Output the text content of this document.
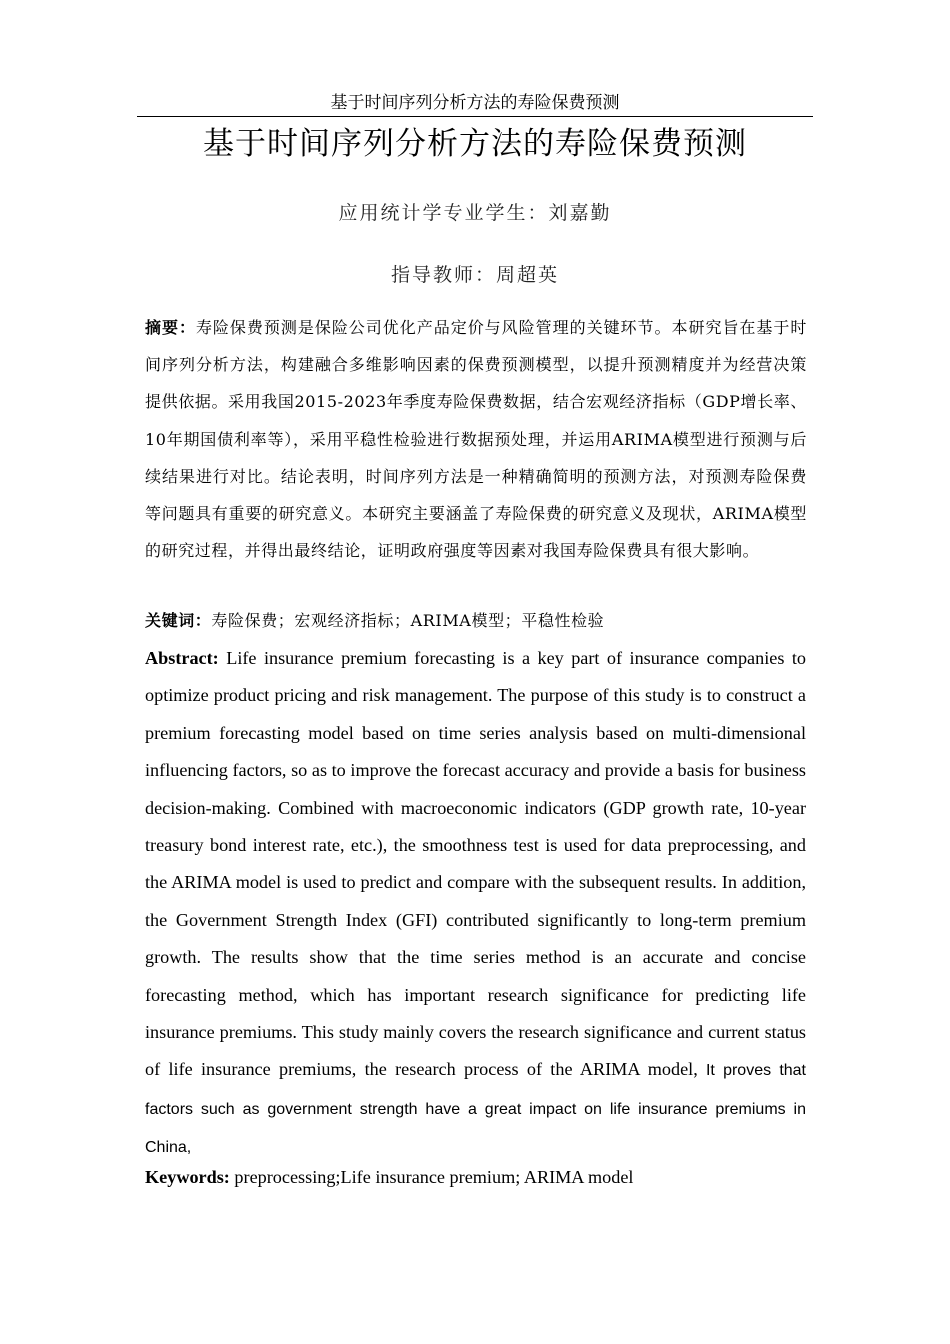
基于时间序列分析方法的寿险保费预测
基于时间序列分析方法的寿险保费预测
应用统计学专业学生：刘嘉勤
指导教师：周超英
摘要：寿险保费预测是保险公司优化产品定价与风险管理的关键环节。本研究旨在基于时间序列分析方法，构建融合多维影响因素的保费预测模型，以提升预测精度并为经营决策提供依据。采用我国2015-2023年季度寿险保费数据，结合宏观经济指标（GDP增长率、10年期国债利率等），采用平稳性检验进行数据预处理，并运用ARIMA模型进行预测与后续结果进行对比。结论表明，时间序列方法是一种精确简明的预测方法，对预测寿险保费等问题具有重要的研究意义。本研究主要涵盖了寿险保费的研究意义及现状，ARIMA模型的研究过程，并得出最终结论，证明政府强度等因素对我国寿险保费具有很大影响。
关键词：寿险保费；宏观经济指标；ARIMA模型；平稳性检验
Abstract: Life insurance premium forecasting is a key part of insurance companies to optimize product pricing and risk management. The purpose of this study is to construct a premium forecasting model based on time series analysis based on multi-dimensional influencing factors, so as to improve the forecast accuracy and provide a basis for business decision-making. Combined with macroeconomic indicators (GDP growth rate, 10-year treasury bond interest rate, etc.), the smoothness test is used for data preprocessing, and the ARIMA model is used to predict and compare with the subsequent results. In addition, the Government Strength Index (GFI) contributed significantly to long-term premium growth. The results show that the time series method is an accurate and concise forecasting method, which has important research significance for predicting life insurance premiums. This study mainly covers the research significance and current status of life insurance premiums, the research process of the ARIMA model, It proves that factors such as government strength have a great impact on life insurance premiums in China,
Keywords: preprocessing;Life insurance premium; ARIMA model
